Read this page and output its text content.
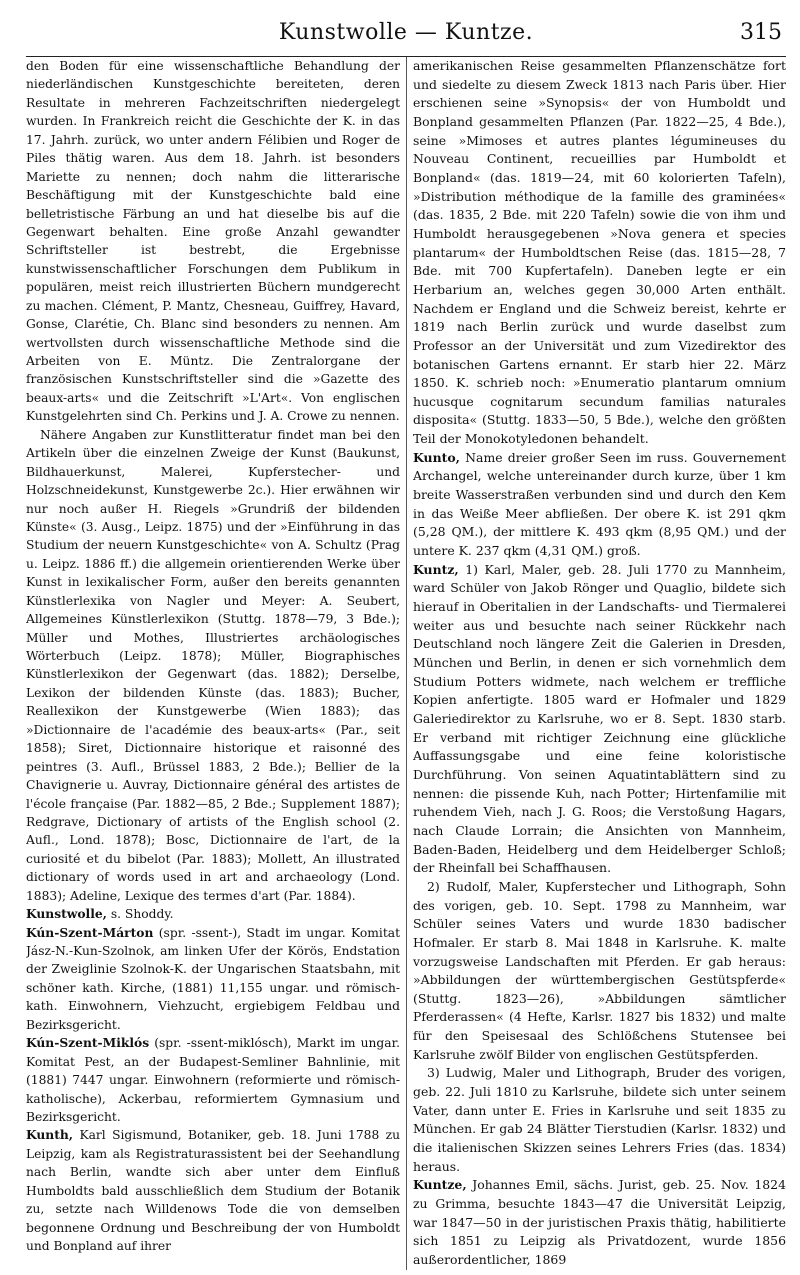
Kunstwolle — Kuntze.	315

den Boden für eine wissenschaftliche Behandlung der niederländischen Kunstgeschichte bereiteten, deren Resultate in mehreren Fachzeitschriften niedergelegt wurden. In Frankreich reicht die Geschichte der K. in das 17. Jahrh. zurück, wo unter andern Félibien und Roger de Piles thätig waren. Aus dem 18. Jahrh. ist besonders Mariette zu nennen; doch nahm die litterarische Beschäftigung mit der Kunstgeschichte bald eine belletristische Färbung an und hat dieselbe bis auf die Gegenwart behalten. Eine große Anzahl gewandter Schriftsteller ist bestrebt, die Ergebnisse kunstwissenschaftlicher Forschungen dem Publikum in populären, meist reich illustrierten Büchern mundgerecht zu machen. Clément, P. Mantz, Chesneau, Guiffrey, Havard, Gonse, Clarétie, Ch. Blanc sind besonders zu nennen. Am wertvollsten durch wissenschaftliche Methode sind die Arbeiten von E. Müntz. Die Zentralorgane der französischen Kunstschriftsteller sind die »Gazette des beaux-arts« und die Zeitschrift »L'Art«. Von englischen Kunstgelehrten sind Ch. Perkins und J. A. Crowe zu nennen.

Nähere Angaben zur Kunstlitteratur findet man bei den Artikeln über die einzelnen Zweige der Kunst (Baukunst, Bildhauerkunst, Malerei, Kupferstecher- und Holzschneidekunst, Kunstgewerbe 2c.). Hier erwähnen wir nur noch außer H. Riegels »Grundriß der bildenden Künste« (3. Ausg., Leipz. 1875) und der »Einführung in das Studium der neuern Kunstgeschichte« von A. Schultz (Prag u. Leipz. 1886 ff.) die allgemein orientierenden Werke über Kunst in lexikalischer Form, außer den bereits genannten Künstlerlexika von Nagler und Meyer: A. Seubert, Allgemeines Künstlerlexikon (Stuttg. 1878—79, 3 Bde.); Müller und Mothes, Illustriertes archäologisches Wörterbuch (Leipz. 1878); Müller, Biographisches Künstlerlexikon der Gegenwart (das. 1882); Derselbe, Lexikon der bildenden Künste (das. 1883); Bucher, Reallexikon der Kunstgewerbe (Wien 1883); das »Dictionnaire de l'académie des beaux-arts« (Par., seit 1858); Siret, Dictionnaire historique et raisonné des peintres (3. Aufl., Brüssel 1883, 2 Bde.); Bellier de la Chavignerie u. Auvray, Dictionnaire général des artistes de l'école française (Par. 1882—85, 2 Bde.; Supplement 1887); Redgrave, Dictionary of artists of the English school (2. Aufl., Lond. 1878); Bosc, Dictionnaire de l'art, de la curiosité et du bibelot (Par. 1883); Mollett, An illustrated dictionary of words used in art and archaeology (Lond. 1883); Adeline, Lexique des termes d'art (Par. 1884).

Kunstwolle, s. Shoddy.

Kún-Szent-Márton (spr. -ssent-), Stadt im ungar. Komitat Jász-N.-Kun-Szolnok, am linken Ufer der Körös, Endstation der Zweiglinie Szolnok-K. der Ungarischen Staatsbahn, mit schöner kath. Kirche, (1881) 11,155 ungar. und römisch-kath. Einwohnern, Viehzucht, ergiebigem Feldbau und Bezirksgericht.

Kún-Szent-Miklós (spr. -ssent-miklósch), Markt im ungar. Komitat Pest, an der Budapest-Semliner Bahnlinie, mit (1881) 7447 ungar. Einwohnern (reformierte und römisch-katholische), Ackerbau, reformiertem Gymnasium und Bezirksgericht.

Kunth, Karl Sigismund, Botaniker, geb. 18. Juni 1788 zu Leipzig, kam als Registraturassistent bei der Seehandlung nach Berlin, wandte sich aber unter dem Einfluß Humboldts bald ausschließlich dem Studium der Botanik zu, setzte nach Willdenows Tode die von demselben begonnene Ordnung und Beschreibung der von Humboldt und Bonpland auf ihrer

amerikanischen Reise gesammelten Pflanzenschätze fort und siedelte zu diesem Zweck 1813 nach Paris über. Hier erschienen seine »Synopsis« der von Humboldt und Bonpland gesammelten Pflanzen (Par. 1822—25, 4 Bde.), seine »Mimoses et autres plantes légumineuses du Nouveau Continent, recueillies par Humboldt et Bonpland« (das. 1819—24, mit 60 kolorierten Tafeln), »Distribution méthodique de la famille des graminées« (das. 1835, 2 Bde. mit 220 Tafeln) sowie die von ihm und Humboldt herausgegebenen »Nova genera et species plantarum« der Humboldtschen Reise (das. 1815—28, 7 Bde. mit 700 Kupfertafeln). Daneben legte er ein Herbarium an, welches gegen 30,000 Arten enthält. Nachdem er England und die Schweiz bereist, kehrte er 1819 nach Berlin zurück und wurde daselbst zum Professor an der Universität und zum Vizedirektor des botanischen Gartens ernannt. Er starb hier 22. März 1850. K. schrieb noch: »Enumeratio plantarum omnium hucusque cognitarum secundum familias naturales disposita« (Stuttg. 1833—50, 5 Bde.), welche den größten Teil der Monokotyledonen behandelt.

Kunto, Name dreier großer Seen im russ. Gouvernement Archangel, welche untereinander durch kurze, über 1 km breite Wasserstraßen verbunden sind und durch den Kem in das Weiße Meer abfließen. Der obere K. ist 291 qkm (5,28 QM.), der mittlere K. 493 qkm (8,95 QM.) und der untere K. 237 qkm (4,31 QM.) groß.

Kuntz, 1) Karl, Maler, geb. 28. Juli 1770 zu Mannheim, ward Schüler von Jakob Rönger und Quaglio, bildete sich hierauf in Oberitalien in der Landschafts- und Tiermalerei weiter aus und besuchte nach seiner Rückkehr nach Deutschland noch längere Zeit die Galerien in Dresden, München und Berlin, in denen er sich vornehmlich dem Studium Potters widmete, nach welchem er treffliche Kopien anfertigte. 1805 ward er Hofmaler und 1829 Galeriedirektor zu Karlsruhe, wo er 8. Sept. 1830 starb. Er verband mit richtiger Zeichnung eine glückliche Auffassungsgabe und eine feine koloristische Durchführung. Von seinen Aquatintablättern sind zu nennen: die pissende Kuh, nach Potter; Hirtenfamilie mit ruhendem Vieh, nach J. G. Roos; die Verstoßung Hagars, nach Claude Lorrain; die Ansichten von Mannheim, Baden-Baden, Heidelberg und dem Heidelberger Schloß; der Rheinfall bei Schaffhausen.

2) Rudolf, Maler, Kupferstecher und Lithograph, Sohn des vorigen, geb. 10. Sept. 1798 zu Mannheim, war Schüler seines Vaters und wurde 1830 badischer Hofmaler. Er starb 8. Mai 1848 in Karlsruhe. K. malte vorzugsweise Landschaften mit Pferden. Er gab heraus: »Abbildungen der württembergischen Gestütspferde« (Stuttg. 1823—26), »Abbildungen sämtlicher Pferderassen« (4 Hefte, Karlsr. 1827 bis 1832) und malte für den Speisesaal des Schlößchens Stutensee bei Karlsruhe zwölf Bilder von englischen Gestütspferden.

3) Ludwig, Maler und Lithograph, Bruder des vorigen, geb. 22. Juli 1810 zu Karlsruhe, bildete sich unter seinem Vater, dann unter E. Fries in Karlsruhe und seit 1835 zu München. Er gab 24 Blätter Tierstudien (Karlsr. 1832) und die italienischen Skizzen seines Lehrers Fries (das. 1834) heraus.

Kuntze, Johannes Emil, sächs. Jurist, geb. 25. Nov. 1824 zu Grimma, besuchte 1843—47 die Universität Leipzig, war 1847—50 in der juristischen Praxis thätig, habilitierte sich 1851 zu Leipzig als Privatdozent, wurde 1856 außerordentlicher, 1869
